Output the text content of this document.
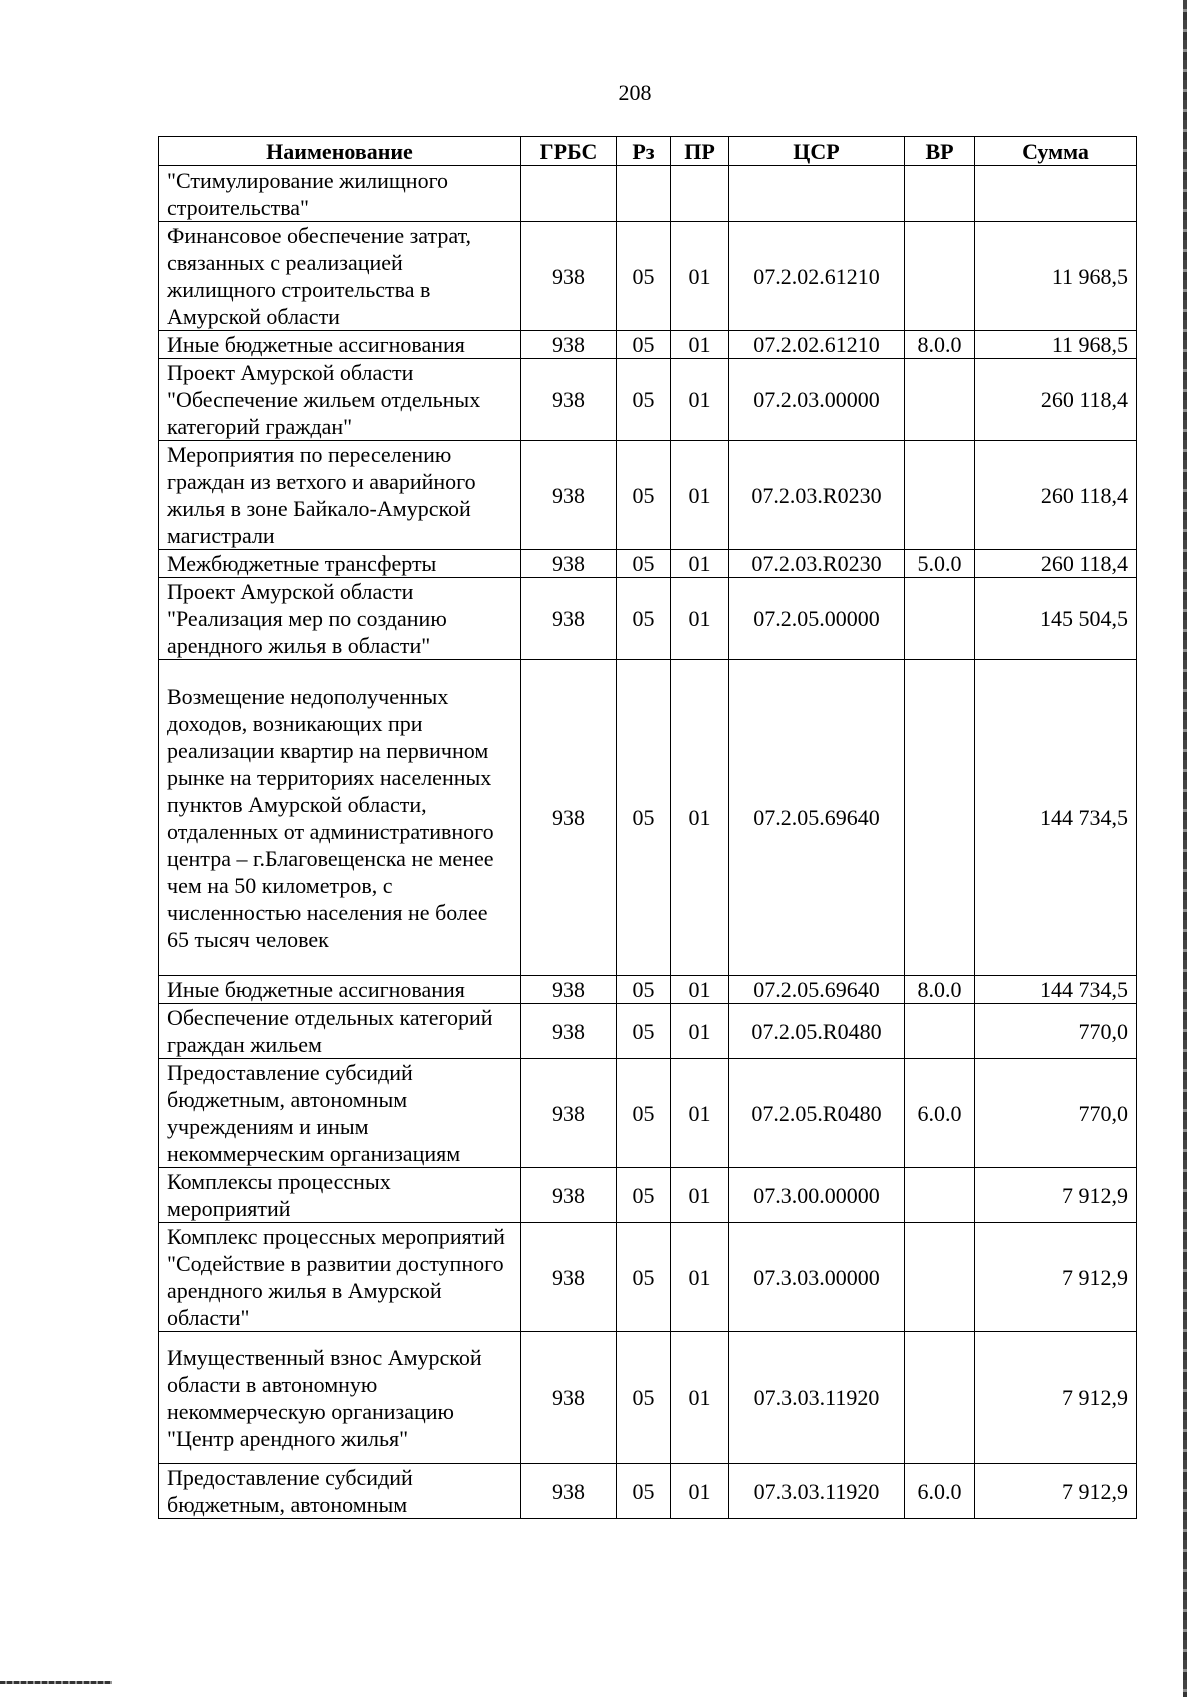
208
Наименование	ГРБС	Рз	ПР	ЦСР	ВР	Сумма
"Стимулирование жилищного строительства"						
Финансовое обеспечение затрат, связанных с реализацией жилищного строительства в Амурской области	938	05	01	07.2.02.61210		11 968,5
Иные бюджетные ассигнования	938	05	01	07.2.02.61210	8.0.0	11 968,5
Проект Амурской области "Обеспечение жильем отдельных категорий граждан"	938	05	01	07.2.03.00000		260 118,4
Мероприятия по переселению граждан из ветхого и аварийного жилья в зоне Байкало-Амурской магистрали	938	05	01	07.2.03.R0230		260 118,4
Межбюджетные трансферты	938	05	01	07.2.03.R0230	5.0.0	260 118,4
Проект Амурской области "Реализация мер по созданию арендного жилья в области"	938	05	01	07.2.05.00000		145 504,5
Возмещение недополученных доходов, возникающих при реализации квартир на первичном рынке на территориях населенных пунктов Амурской области, отдаленных от административного центра – г.Благовещенска не менее чем на 50 километров, с численностью населения не более 65 тысяч человек	938	05	01	07.2.05.69640		144 734,5
Иные бюджетные ассигнования	938	05	01	07.2.05.69640	8.0.0	144 734,5
Обеспечение отдельных категорий граждан жильем	938	05	01	07.2.05.R0480		770,0
Предоставление субсидий бюджетным, автономным учреждениям и иным некоммерческим организациям	938	05	01	07.2.05.R0480	6.0.0	770,0
Комплексы процессных мероприятий	938	05	01	07.3.00.00000		7 912,9
Комплекс процессных мероприятий "Содействие в развитии доступного арендного жилья в Амурской области"	938	05	01	07.3.03.00000		7 912,9
Имущественный взнос Амурской области в автономную некоммерческую организацию "Центр арендного жилья"	938	05	01	07.3.03.11920		7 912,9
Предоставление субсидий бюджетным, автономным	938	05	01	07.3.03.11920	6.0.0	7 912,9
